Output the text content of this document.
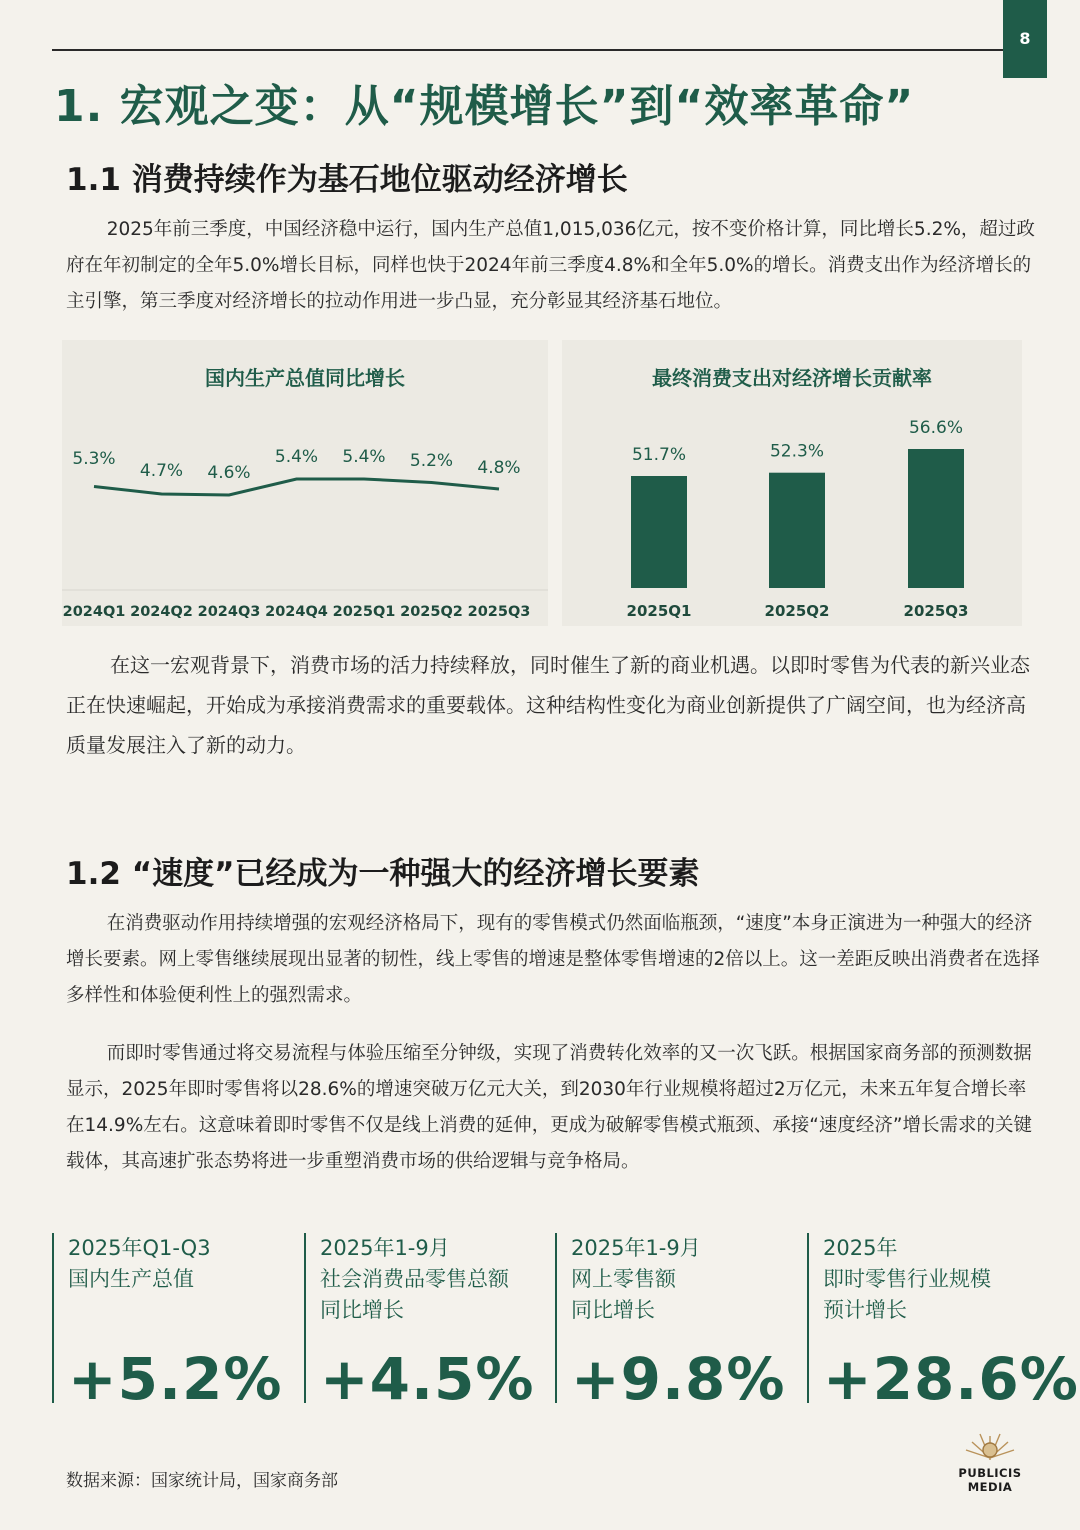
8
1. 宏观之变：从“规模增长”到“效率革命”
1.1 消费持续作为基石地位驱动经济增长
2025年前三季度，中国经济稳中运行，国内生产总值1,015,036亿元，按不变价格计算，同比增长5.2%，超过政府在年初制定的全年5.0%增长目标，同样也快于2024年前三季度4.8%和全年5.0%的增长。消费支出作为经济增长的主引擎，第三季度对经济增长的拉动作用进一步凸显，充分彰显其经济基石地位。
国内生产总值同比增长
5.3%
2024Q1
4.7%
2024Q2
4.6%
2024Q3
5.4%
2024Q4
5.4%
2025Q1
5.2%
2025Q2
4.8%
2025Q3
最终消费支出对经济增长贡献率
51.7%
2025Q1
52.3%
2025Q2
56.6%
2025Q3
在这一宏观背景下，消费市场的活力持续释放，同时催生了新的商业机遇。以即时零售为代表的新兴业态正在快速崛起，开始成为承接消费需求的重要载体。这种结构性变化为商业创新提供了广阔空间，也为经济高质量发展注入了新的动力。
1.2 “速度”已经成为一种强大的经济增长要素
在消费驱动作用持续增强的宏观经济格局下，现有的零售模式仍然面临瓶颈，“速度”本身正演进为一种强大的经济增长要素。网上零售继续展现出显著的韧性，线上零售的增速是整体零售增速的2倍以上。这一差距反映出消费者在选择多样性和体验便利性上的强烈需求。
而即时零售通过将交易流程与体验压缩至分钟级，实现了消费转化效率的又一次飞跃。根据国家商务部的预测数据显示，2025年即时零售将以28.6%的增速突破万亿元大关，到2030年行业规模将超过2万亿元，未来五年复合增长率在14.9%左右。这意味着即时零售不仅是线上消费的延伸，更成为破解零售模式瓶颈、承接“速度经济”增长需求的关键载体，其高速扩张态势将进一步重塑消费市场的供给逻辑与竞争格局。
2025年Q1-Q3
国内生产总值
+5.2%
2025年1-9月
社会消费品零售总额
同比增长
+4.5%
2025年1-9月
网上零售额
同比增长
+9.8%
2025年
即时零售行业规模
预计增长
+28.6%
数据来源：国家统计局，国家商务部	PUBLICIS
MEDIA
